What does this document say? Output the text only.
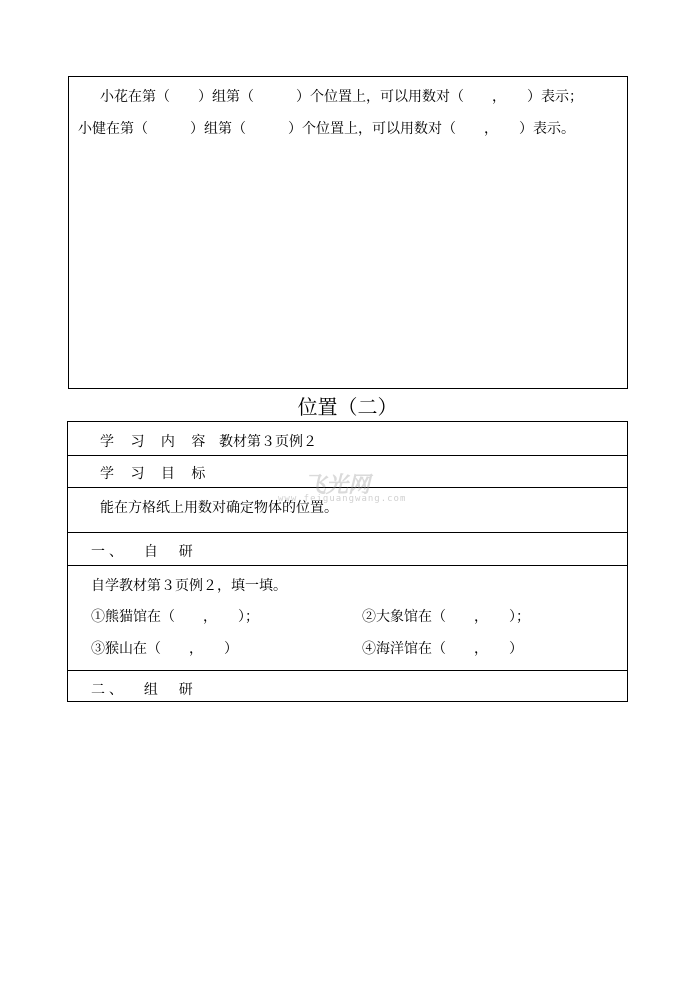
小花在第（　　）组第（　　　）个位置上，可以用数对（　　，　　）表示；
小健在第（　　　）组第（　　　）个位置上，可以用数对（　　，　　）表示。
位置（二）
学 习 内 容 ：
教材第３页例２
学 习 目 标
能在方格纸上用数对确定物体的位置。
一、  自  研
自学教材第３页例２，填一填。
①熊猫馆在（　　，　　）；	②大象馆在（　　，　　）；
③猴山在（　　，　　）	④海洋馆在（　　，　　）
二、  组  研
飞光网
www.feiguangwang.com
